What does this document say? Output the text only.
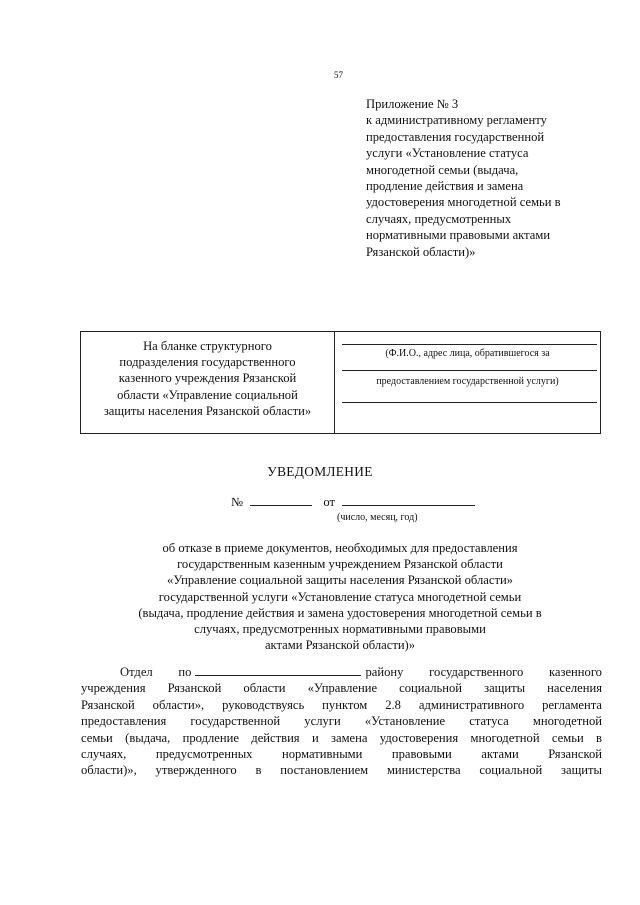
57
Приложение № 3
к административному регламенту
предоставления государственной
услуги «Установление статуса
многодетной семьи (выдача,
продление действия и замена
удостоверения многодетной семьи в
случаях, предусмотренных
нормативными правовыми актами
Рязанской области)»
На бланке структурного
подразделения государственного
казенного учреждения Рязанской
области «Управление социальной
защиты населения Рязанской области»
(Ф.И.О., адрес лица, обратившегося за
предоставлением государственной услуги)
УВЕДОМЛЕНИЕ
№	от
(число, месяц, год)
об отказе в приеме документов, необходимых для предоставления
государственным казенным учреждением Рязанской области
«Управление социальной защиты населения Рязанской области»
государственной услуги «Установление статуса многодетной семьи
(выдача, продление действия и замена удостоверения многодетной семьи в
случаях, предусмотренных нормативными правовыми
актами Рязанской области)»
Отдел по	району государственного казенного
учреждения Рязанской области «Управление социальной защиты населения
Рязанской области», руководствуясь пунктом 2.8 административного регламента
предоставления государственной услуги «Установление статуса многодетной
семьи (выдача, продление действия и замена удостоверения многодетной семьи в
случаях, предусмотренных нормативными правовыми актами Рязанской
области)», утвержденного в постановлением министерства социальной защиты
